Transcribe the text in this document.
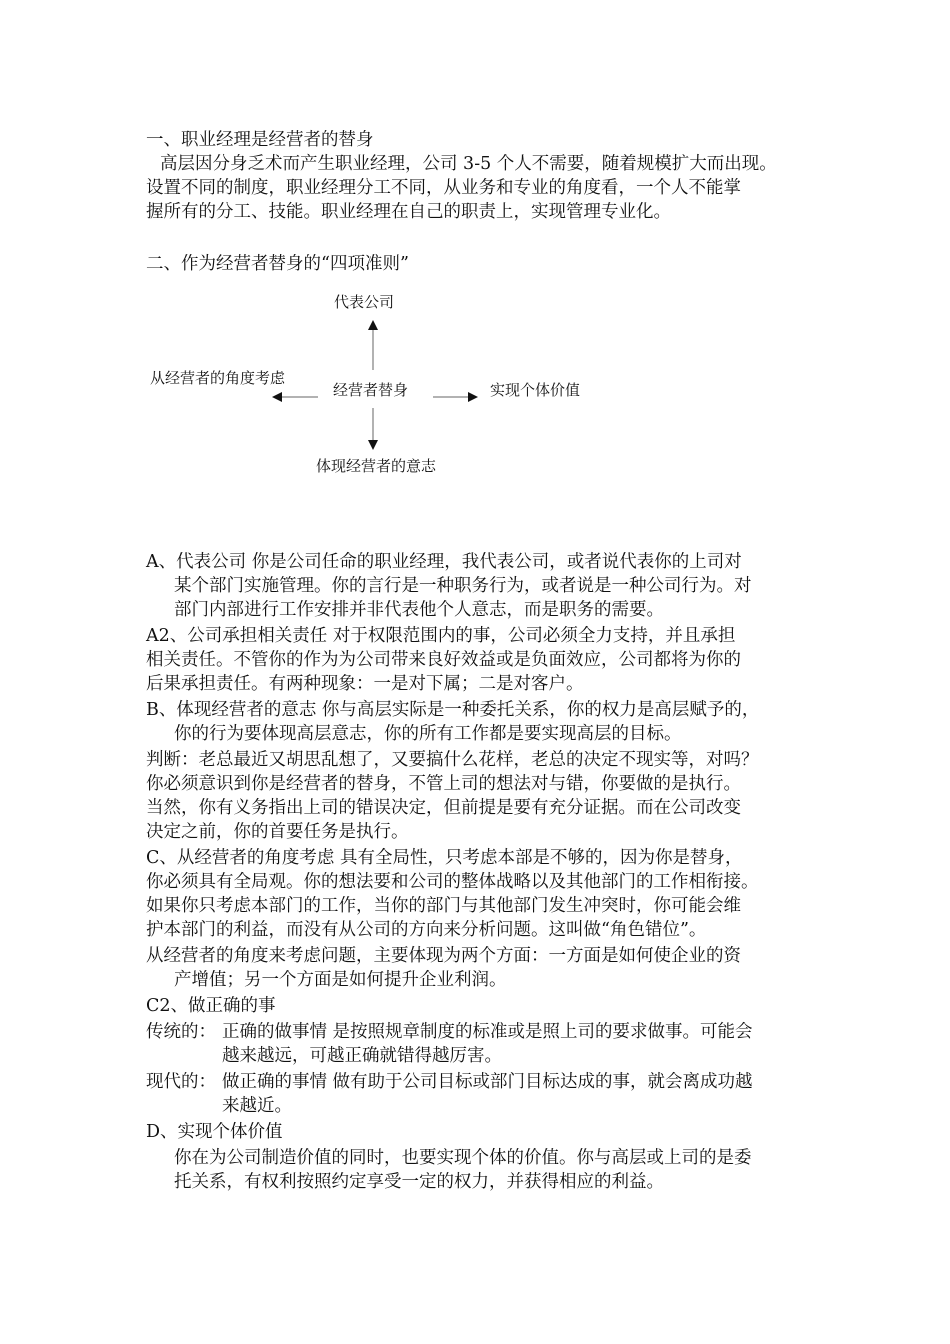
一、职业经理是经营者的替身
高层因分身乏术而产生职业经理，公司 3-5 个人不需要，随着规模扩大而出现。
设置不同的制度，职业经理分工不同，从业务和专业的角度看，一个人不能掌
握所有的分工、技能。职业经理在自己的职责上，实现管理专业化。
二、作为经营者替身的“四项准则”
代表公司
从经营者的角度考虑
经营者替身	实现个体价值
体现经营者的意志
A、代表公司 你是公司任命的职业经理，我代表公司，或者说代表你的上司对
某个部门实施管理。你的言行是一种职务行为，或者说是一种公司行为。对
部门内部进行工作安排并非代表他个人意志，而是职务的需要。
A2、公司承担相关责任 对于权限范围内的事，公司必须全力支持，并且承担
相关责任。不管你的作为为公司带来良好效益或是负面效应，公司都将为你的
后果承担责任。有两种现象：一是对下属；二是对客户。
B、体现经营者的意志 你与高层实际是一种委托关系，你的权力是高层赋予的，
你的行为要体现高层意志，你的所有工作都是要实现高层的目标。
判断：老总最近又胡思乱想了，又要搞什么花样，老总的决定不现实等，对吗？
你必须意识到你是经营者的替身，不管上司的想法对与错，你要做的是执行。
当然，你有义务指出上司的错误决定，但前提是要有充分证据。而在公司改变
决定之前，你的首要任务是执行。
C、从经营者的角度考虑 具有全局性，只考虑本部是不够的，因为你是替身，
你必须具有全局观。你的想法要和公司的整体战略以及其他部门的工作相衔接。
如果你只考虑本部门的工作，当你的部门与其他部门发生冲突时，你可能会维
护本部门的利益，而没有从公司的方向来分析问题。这叫做“角色错位”。
从经营者的角度来考虑问题，主要体现为两个方面：一方面是如何使企业的资
产增值；另一个方面是如何提升企业利润。
C2、做正确的事
传统的： 正确的做事情 是按照规章制度的标准或是照上司的要求做事。可能会
越来越远，可越正确就错得越厉害。
现代的： 做正确的事情 做有助于公司目标或部门目标达成的事，就会离成功越
来越近。
D、实现个体价值
你在为公司制造价值的同时，也要实现个体的价值。你与高层或上司的是委
托关系，有权利按照约定享受一定的权力，并获得相应的利益。
